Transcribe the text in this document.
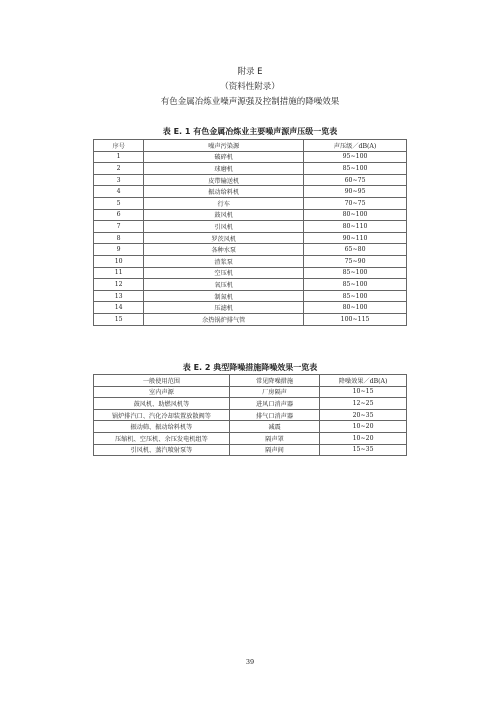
附录 E
（资料性附录）
有色金属冶炼业噪声源强及控制措施的降噪效果
表 E. 1 有色金属冶炼业主要噪声源声压级一览表
序号	噪声污染源	声压级／dB(A)
1	破碎机	95~100
2	球磨机	85~100
3	皮带输送机	60~75
4	振动给料机	90~95
5	行车	70~75
6	鼓风机	80~100
7	引风机	80~110
8	罗茨风机	90~110
9	各种水泵	65~80
10	渣浆泵	75~90
11	空压机	85~100
12	氧压机	85~100
13	制氮机	85~100
14	压滤机	80~100
15	余热锅炉排气管	100~115
表 E. 2 典型降噪措施降噪效果一览表
一般使用范围	常见降噪措施	降噪效果／dB(A)
室内声源	厂房隔声	10~15
鼓风机、助燃风机等	进风口消声器	12~25
锅炉排汽口、汽化冷却装置放散阀等	排气口消声器	20~35
振动筛、振动给料机等	减震	10~20
压缩机、空压机、余压发电机组等	隔声罩	10~20
引风机、蒸汽喷射泵等	隔声间	15~35
39
